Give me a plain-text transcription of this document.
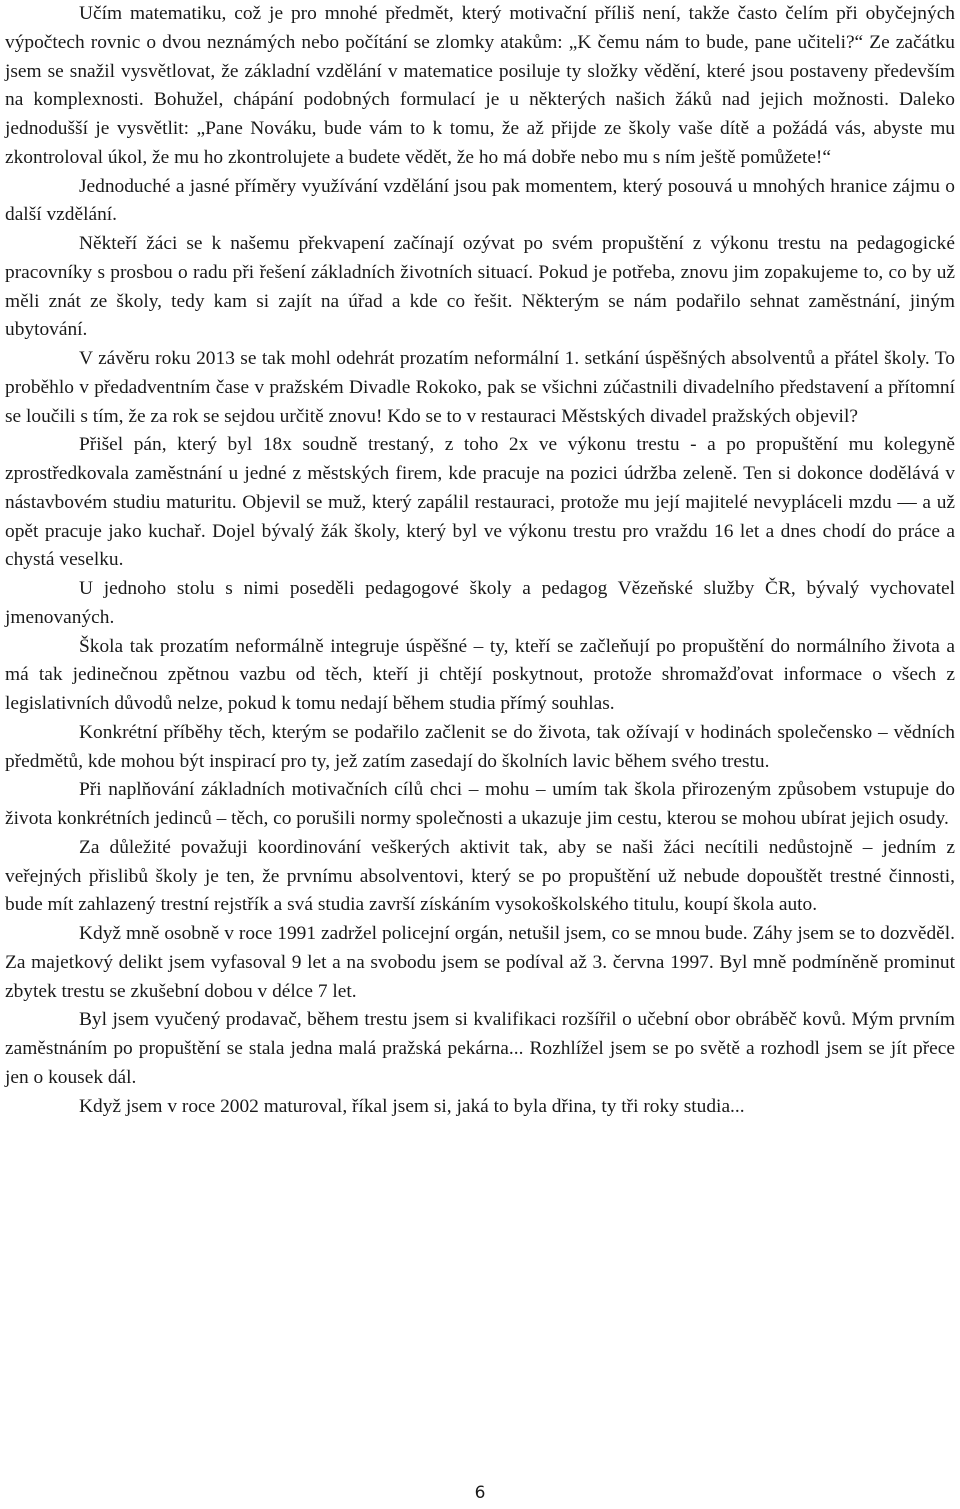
Učím matematiku, což je pro mnohé předmět, který motivační příliš není, takže často čelím při obyčejných výpočtech rovnic o dvou neznámých nebo počítání se zlomky atakům: „K čemu nám to bude, pane učiteli?“ Ze začátku jsem se snažil vysvětlovat, že základní vzdělání v matematice posiluje ty složky vědění, které jsou postaveny především na komplexnosti. Bohužel, chápání podobných formulací je u některých našich žáků nad jejich možnosti. Daleko jednodušší je vysvětlit: „Pane Nováku, bude vám to k tomu, že až přijde ze školy vaše dítě a požádá vás, abyste mu zkontroloval úkol, že mu ho zkontrolujete a budete vědět, že ho má dobře nebo mu s ním ještě pomůžete!“

Jednoduché a jasné příměry využívání vzdělání jsou pak momentem, který posouvá u mnohých hranice zájmu o další vzdělání.

Někteří žáci se k našemu překvapení začínají ozývat po svém propuštění z výkonu trestu na pedagogické pracovníky s prosbou o radu při řešení základních životních situací. Pokud je potřeba, znovu jim zopakujeme to, co by už měli znát ze školy, tedy kam si zajít na úřad a kde co řešit. Některým se nám podařilo sehnat zaměstnání, jiným ubytování.

V závěru roku 2013 se tak mohl odehrát prozatím neformální 1. setkání úspěšných absolventů a přátel školy. To proběhlo v předadventním čase v pražském Divadle Rokoko, pak se všichni zúčastnili divadelního představení a přítomní se loučili s tím, že za rok se sejdou určitě znovu! Kdo se to v restauraci Městských divadel pražských objevil?

Přišel pán, který byl 18x soudně trestaný, z toho 2x ve výkonu trestu - a po propuštění mu kolegyně zprostředkovala zaměstnání u jedné z městských firem, kde pracuje na pozici údržba zeleně. Ten si dokonce dodělává v nástavbovém studiu maturitu. Objevil se muž, který zapálil restauraci, protože mu její majitelé nevypláceli mzdu — a už opět pracuje jako kuchař. Dojel bývalý žák školy, který byl ve výkonu trestu pro vraždu 16 let a dnes chodí do práce a chystá veselku.

U jednoho stolu s nimi poseděli pedagogové školy a pedagog Vězeňské služby ČR, bývalý vychovatel jmenovaných.

Škola tak prozatím neformálně integruje úspěšné – ty, kteří se začleňují po propuštění do normálního života a má tak jedinečnou zpětnou vazbu od těch, kteří ji chtějí poskytnout, protože shromažďovat informace o všech z legislativních důvodů nelze, pokud k tomu nedají během studia přímý souhlas.

Konkrétní příběhy těch, kterým se podařilo začlenit se do života, tak ožívají v hodinách společensko – vědních předmětů, kde mohou být inspirací pro ty, jež zatím zasedají do školních lavic během svého trestu.

Při naplňování základních motivačních cílů chci – mohu – umím tak škola přirozeným způsobem vstupuje do života konkrétních jedinců – těch, co porušili normy společnosti a ukazuje jim cestu, kterou se mohou ubírat jejich osudy.

Za důležité považuji koordinování veškerých aktivit tak, aby se naši žáci necítili nedůstojně – jedním z veřejných přislibů školy je ten, že prvnímu absolventovi, který se po propuštění už nebude dopouštět trestné činnosti, bude mít zahlazený trestní rejstřík a svá studia završí získáním vysokoškolského titulu, koupí škola auto.

Když mně osobně v roce 1991 zadržel policejní orgán, netušil jsem, co se mnou bude. Záhy jsem se to dozvěděl. Za majetkový delikt jsem vyfasoval 9 let a na svobodu jsem se podíval až 3. června 1997. Byl mně podmíněně prominut zbytek trestu se zkušební dobou v délce 7 let.

Byl jsem vyučený prodavač, během trestu jsem si kvalifikaci rozšířil o učební obor obráběč kovů. Mým prvním zaměstnáním po propuštění se stala jedna malá pražská pekárna... Rozhlížel jsem se po světě a rozhodl jsem se jít přece jen o kousek dál.

Když jsem v roce 2002 maturoval, říkal jsem si, jaká to byla dřina, ty tři roky studia...

6
